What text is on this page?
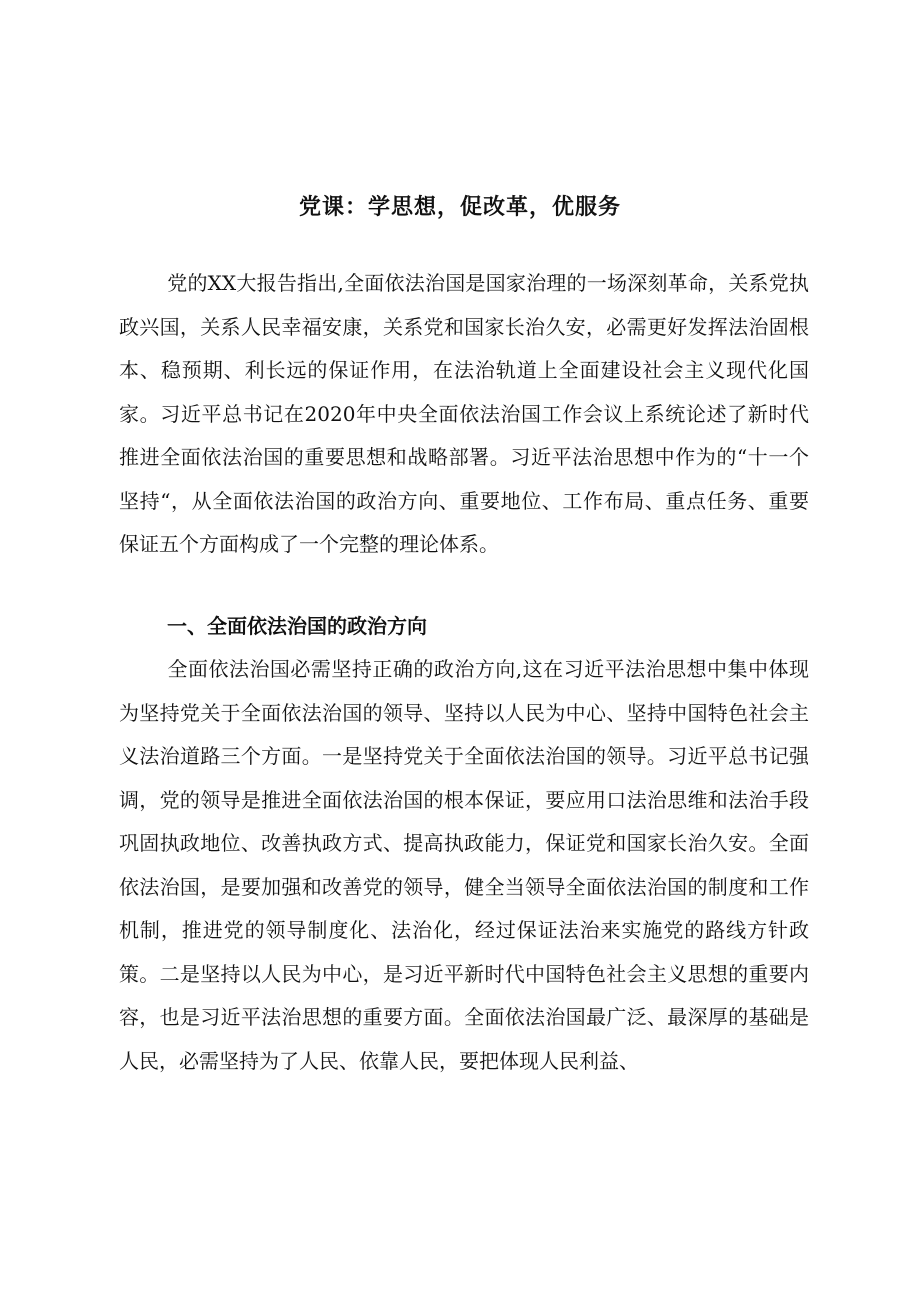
党课：学思想，促改革，优服务
党的XX大报告指出,全面依法治国是国家治理的一场深刻革命，关系党执政兴国，关系人民幸福安康，关系党和国家长治久安，必需更好发挥法治固根本、稳预期、利长远的保证作用，在法治轨道上全面建设社会主义现代化国家。习近平总书记在2020年中央全面依法治国工作会议上系统论述了新时代推进全面依法治国的重要思想和战略部署。习近平法治思想中作为的“十一个坚持“，从全面依法治国的政治方向、重要地位、工作布局、重点任务、重要保证五个方面构成了一个完整的理论体系。
一、全面依法治国的政治方向
全面依法治国必需坚持正确的政治方向,这在习近平法治思想中集中体现为坚持党关于全面依法治国的领导、坚持以人民为中心、坚持中国特色社会主义法治道路三个方面。一是坚持党关于全面依法治国的领导。习近平总书记强调，党的领导是推进全面依法治国的根本保证，要应用口法治思维和法治手段巩固执政地位、改善执政方式、提高执政能力，保证党和国家长治久安。全面依法治国，是要加强和改善党的领导，健全当领导全面依法治国的制度和工作机制，推进党的领导制度化、法治化，经过保证法治来实施党的路线方针政策。二是坚持以人民为中心，是习近平新时代中国特色社会主义思想的重要内容，也是习近平法治思想的重要方面。全面依法治国最广泛、最深厚的基础是人民，必需坚持为了人民、依靠人民，要把体现人民利益、
